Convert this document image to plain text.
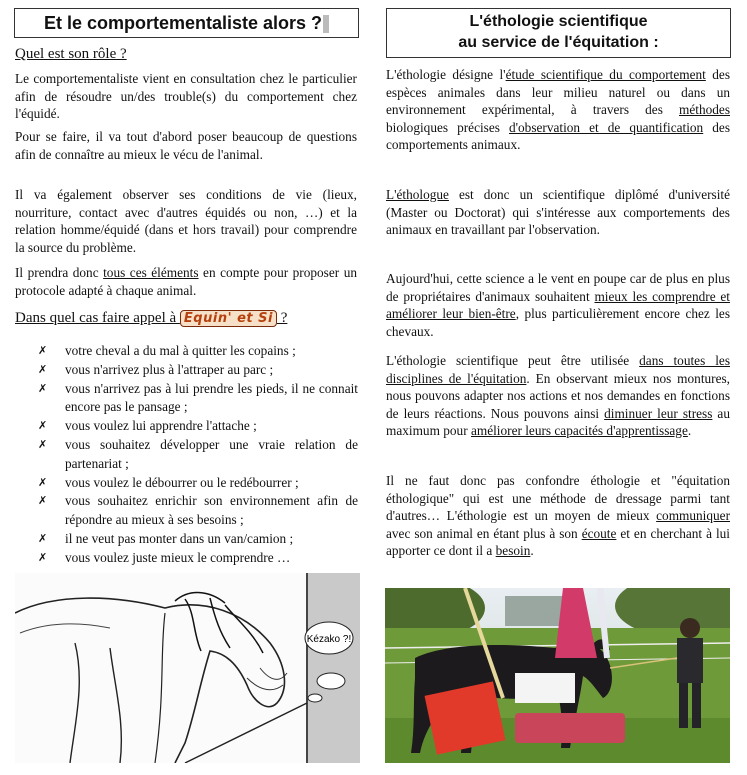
Et le comportementaliste alors ?
Quel est son rôle ?
Le comportementaliste vient en consultation chez le particulier afin de résoudre un/des trouble(s) du comportement chez l'équidé.
Pour se faire, il va tout d'abord poser beaucoup de questions afin de connaître au mieux le vécu de l'animal.
Il va également observer ses conditions de vie (lieux, nourriture, contact avec d'autres équidés ou non, …) et la relation homme/équidé (dans et hors travail) pour comprendre la source du problème.
Il prendra donc tous ces éléments en compte pour proposer un protocole adapté à chaque animal.
Dans quel cas faire appel à Equin' et Si ?
✗ votre cheval a du mal à quitter les copains ;
✗ vous n'arrivez plus à l'attraper au parc ;
✗ vous n'arrivez pas à lui prendre les pieds, il ne connait encore pas le pansage ;
✗ vous voulez lui apprendre l'attache ;
✗ vous souhaitez développer une vraie relation de partenariat ;
✗ vous voulez le débourrer ou le redébourrer ;
✗ vous souhaitez enrichir son environnement afin de répondre au mieux à ses besoins ;
✗ il ne veut pas monter dans un van/camion ;
✗ vous voulez juste mieux le comprendre …
Kézako ?!
L'éthologie scientifique
au service de l'équitation :
L'éthologie désigne l'étude scientifique du comportement des espèces animales dans leur milieu naturel ou dans un environnement expérimental, à travers des méthodes biologiques précises d'observation et de quantification des comportements animaux.
L'éthologue est donc un scientifique diplômé d'université (Master ou Doctorat) qui s'intéresse aux comportements des animaux en travaillant par l'observation.
Aujourd'hui, cette science a le vent en poupe car de plus en plus de propriétaires d'animaux souhaitent mieux les comprendre et améliorer leur bien-être, plus particulièrement encore chez les chevaux.
L'éthologie scientifique peut être utilisée dans toutes les disciplines de l'équitation. En observant mieux nos montures, nous pouvons adapter nos actions et nos demandes en fonctions de leurs réactions. Nous pouvons ainsi diminuer leur stress au maximum pour améliorer leurs capacités d'apprentissage.
Il ne faut donc pas confondre éthologie et "équitation éthologique" qui est une méthode de dressage parmi tant d'autres… L'éthologie est un moyen de mieux communiquer avec son animal en étant plus à son écoute et en cherchant à lui apporter ce dont il a besoin.
